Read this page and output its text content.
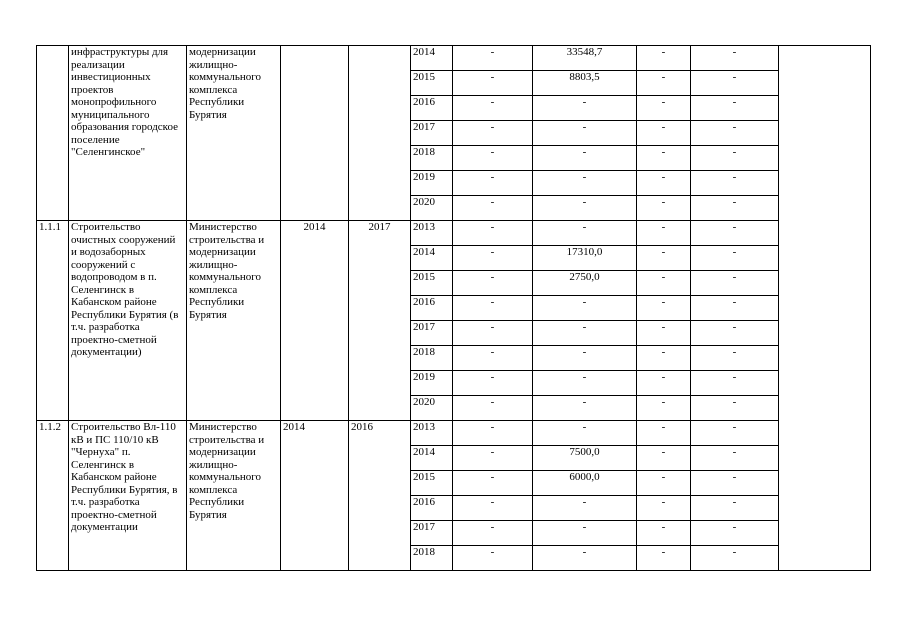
	инфраструктуры для реализации инвестиционных проектов монопрофильного муниципального образования городское поселение "Селенгинское"	модернизации жилищно-коммунального комплекса Республики Бурятия			2014	-	33548,7	-	-	
					2015	-	8803,5	-	-	
					2016	-	-	-	-	
					2017	-	-	-	-	
					2018	-	-	-	-	
					2019	-	-	-	-	
					2020	-	-	-	-	
1.1.1	Строительство очистных сооружений и водозаборных сооружений с водопроводом в п. Селенгинск в Кабанском районе Республики Бурятия (в т.ч. разработка проектно-сметной документации)	Министерство строительства и модернизации жилищно-коммунального комплекса Республики Бурятия	2014	2017	2013	-	-	-	-	
					2014	-	17310,0	-	-	
					2015	-	2750,0	-	-	
					2016	-	-	-	-	
					2017	-	-	-	-	
					2018	-	-	-	-	
					2019	-	-	-	-	
					2020	-	-	-	-	
1.1.2	Строительство Вл-110 кВ и ПС 110/10 кВ "Чернуха" п. Селенгинск в Кабанском районе Республики Бурятия, в т.ч. разработка проектно-сметной документации	Министерство строительства и модернизации жилищно-коммунального комплекса Республики Бурятия	2014	2016	2013	-	-	-	-	
					2014	-	7500,0	-	-	
					2015	-	6000,0	-	-	
					2016	-	-	-	-	
					2017	-	-	-	-	
					2018	-	-	-	-	
